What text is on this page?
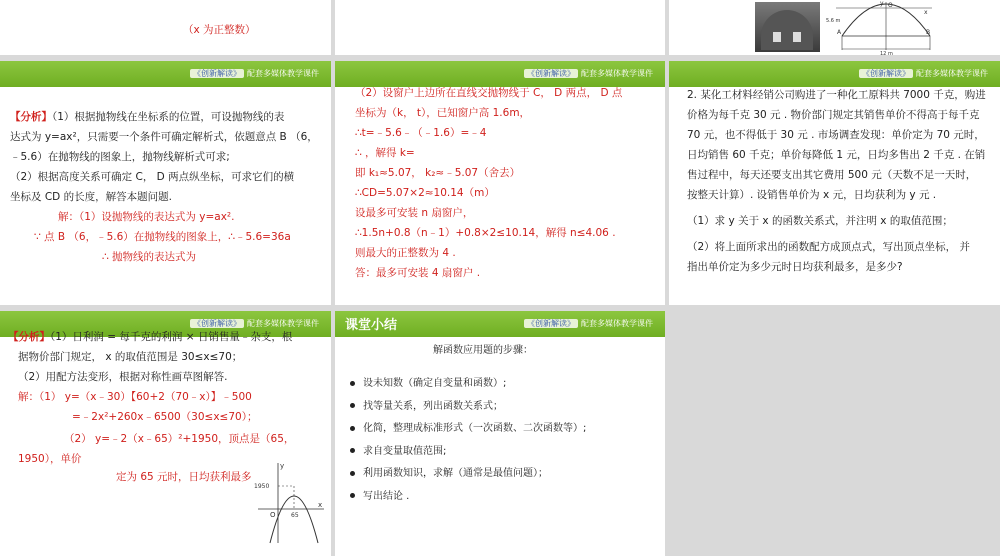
（x 为正整数）
O
x
y
A	B
5.6 m
12 m
《创新解读》 配套多媒体教学课件
【分析】（1）根据抛物线在坐标系的位置，可设抛物线的表
达式为 y=ax²，只需要一个条件可确定解析式，依题意点 B （6，
﹣5.6）在抛物线的图象上，抛物线解析式可求;
（2）根据高度关系可确定 C， D 两点纵坐标，可求它们的横
坐标及 CD 的长度，解答本题问题.
解：（1）设抛物线的表达式为 y=ax².
∵ 点 B （6，﹣5.6）在抛物线的图象上，∴﹣5.6=36a
∴ 抛物线的表达式为
《创新解读》 配套多媒体教学课件
（2）设窗户上边所在直线交抛物线于 C， D 两点， D 点
坐标为（k， t），已知窗户高 1.6m，
∴t=﹣5.6﹣（﹣1.6）=﹣4
∴ ，解得 k=
即 k₁≈5.07， k₂≈﹣5.07（舍去）
∴CD=5.07×2≈10.14（m）
设最多可安装 n 扇窗户，
∴1.5n+0.8（n﹣1）+0.8×2≤10.14，解得 n≤4.06 .
则最大的正整数为 4 .
答：最多可安装 4 扇窗户 .
《创新解读》 配套多媒体教学课件
2. 某化工材料经销公司购进了一种化工原料共 7000 千克，购进
价格为每千克 30 元 . 物价部门规定其销售单价不得高于每千克
70 元，也不得低于 30 元 . 市场调查发现：单价定为 70 元时，
日均销售 60 千克；单价每降低 1 元，日均多售出 2 千克 . 在销
售过程中，每天还要支出其它费用 500 元（天数不足一天时，
按整天计算）. 设销售单价为 x 元，日均获利为 y 元 .
（1）求 y 关于 x 的函数关系式，并注明 x 的取值范围；
（2）将上面所求出的函数配方成顶点式，写出顶点坐标， 并
指出单价定为多少元时日均获利最多，是多少?
《创新解读》 配套多媒体教学课件
【分析】（1）日利润 = 每千克的利润 × 日销售量﹣杂支，根
据物价部门规定， x 的取值范围是 30≤x≤70；
（2）用配方法变形，根据对称性画草图解答.
解：（1） y=（x﹣30）【60+2（70﹣x）】﹣500
=﹣2x²+260x﹣6500（30≤x≤70）；
（2） y=﹣2（x﹣65）²+1950，顶点是（65，
1950），单价
定为 65 元时，日均获利最多
y
x
O
1950
65
课堂小结	《创新解读》 配套多媒体教学课件
解函数应用题的步骤：
设未知数（确定自变量和函数）;
找等量关系，列出函数关系式；
化简，整理成标准形式（一次函数、二次函数等）;
求自变量取值范围;
利用函数知识，求解（通常是最值问题）；
写出结论 .
